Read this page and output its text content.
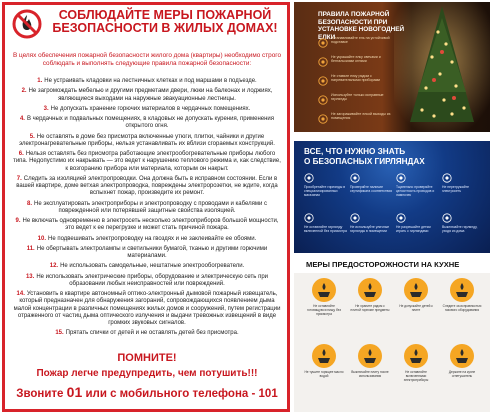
СОБЛЮДАЙТЕ МЕРЫ ПОЖАРНОЙ БЕЗОПАСНОСТИ В ЖИЛЫХ ДОМАХ!
В целях обеспечения пожарной безопасности жилого дома (квартиры) необходимо строго соблюдать и выполнять следующие правила пожарной безопасности:
1. Не устраивать кладовки на лестничных клетках и под маршами в подъезде.
2. Не загромождать мебелью и другими предметами двери, люки на балконах и лоджиях, являющиеся выходами на наружные эвакуационные лестницы.
3. Не допускать хранение горючих материалов в чердачных помещениях.
4. В чердачных и подвальных помещениях, в кладовых не допускать курения, применения открытого огня.
5. Не оставлять в доме без присмотра включенные утюги, плитки, чайники и другие электронагревательные приборы, нельзя устанавливать их вблизи сгораемых конструкций.
6. Нельзя оставлять без присмотра работающие электрообогревательные приборы любого типа. Недопустимо их накрывать — это ведет к нарушению теплового режима и, как следствие, к возгоранию прибора или материала, которым он накрыт.
7. Следить за изоляцией электропроводки. Она должна быть в исправном состоянии. Если в вашей квартире, доме ветхая электропроводка, повреждены электророзетки, не ждите, когда вспыхнет пожар, произведите их ремонт.
8. Не эксплуатировать электроприборы и электропроводку с проводами и кабелями с поврежденной или потерявшей защитные свойства изоляцией.
9. Не включать одновременно в электросеть несколько электроприборов большой мощности, это ведет к ее перегрузке и может стать причиной пожара.
10. Не подвешивать электропроводку на гвоздях и не заклеивайте ее обоями.
11. Не обертывать электролампы и светильники бумагой, тканью и другими горючими материалами.
12. Не использовать самодельные, нештатные электрообогреватели.
13. Не использовать электрические приборы, оборудование и электрическую сеть при образовании любых неисправностей или повреждений.
14. Установить в квартире автономный оптико-электронный дымовой пожарный извещатель, который предназначен для обнаружения загораний, сопровождающихся появлением дыма малой концентрации в различных помещениях жилых домов и сооружений, путем регистрации отраженного от частиц дыма оптического излучения и выдачи тревожных извещений в виде громких звуковых сигналов.
15. Прятать спички от детей и не оставлять детей без присмотра.
ПОМНИТЕ!
Пожар легче предупредить, чем потушить!!!
Звоните 01 или с мобильного телефона - 101
ПРАВИЛА ПОЖАРНОЙ БЕЗОПАСНОСТИ ПРИ УСТАНОВКЕ НОВОГОДНЕЙ ЕЛКИ
Устанавливайте ель на устойчивой подставке
Не украшайте елку свечами и бенгальскими огнями
Не ставьте елку рядом с нагревательными приборами
Используйте только исправные гирлянды
Не загораживайте елкой выходы из помещения
ВСЕ, ЧТО НУЖНО ЗНАТЬ
О БЕЗОПАСНЫХ ГИРЛЯНДАХ
Приобретайте гирлянды в специализированных магазинах
Проверяйте наличие сертификата соответствия
Тщательно проверяйте целостность проводов и лампочек
Не перегружайте электросеть
Не оставляйте гирлянду включенной без присмотра
Не используйте уличные гирлянды в помещении
Не разрешайте детям играть с гирляндами
Выключайте гирлянду, уходя из дома
МЕРЫ ПРЕДОСТОРОЖНОСТИ НА КУХНЕ
Не оставляйте готовящуюся пищу без присмотра
Не храните рядом с плитой горючие предметы
Не допускайте детей к плите
Следите за исправностью газового оборудования
Не тушите горящее масло водой
Выключайте плиту после использования
Не оставляйте включенными электроприборы
Держите на кухне огнетушитель
